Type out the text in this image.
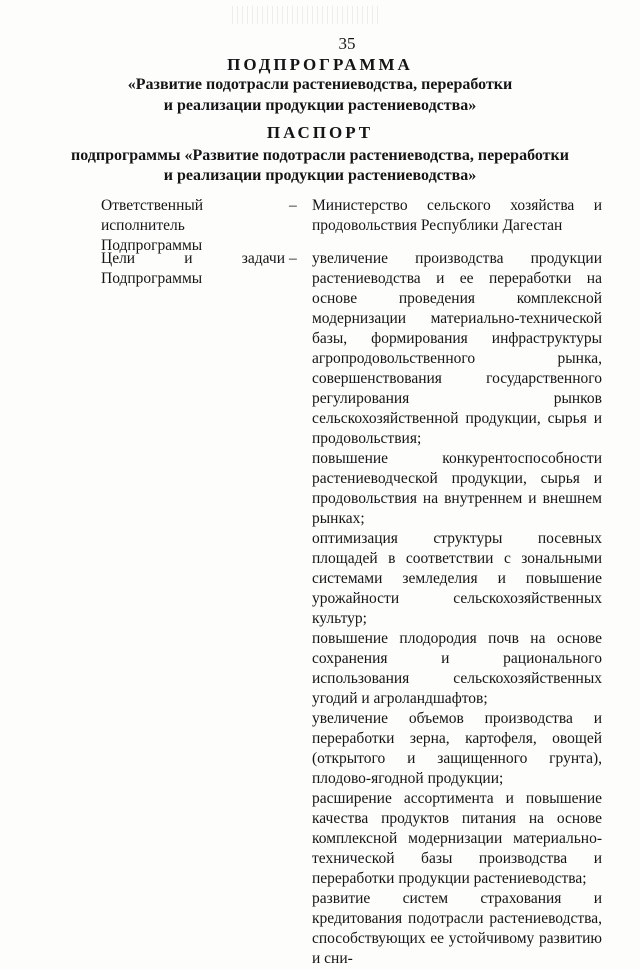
35
ПОДПРОГРАММА
«Развитие подотрасли растениеводства, переработки
и реализации продукции растениеводства»
ПАСПОРТ
подпрограммы «Развитие подотрасли растениеводства, переработки
и реализации продукции растениеводства»
Ответственный исполнитель Подпрограммы
– Министерство сельского хозяйства и продовольствия Республики Дагестан

Цели и задачи Подпрограммы
– увеличение производства продукции растениеводства и ее переработки на основе проведения комплексной модернизации материально-технической базы, формирования инфраструктуры агропродовольственного рынка, совершенствования государственного регулирования рынков сельскохозяйственной продукции, сырья и продовольствия;

повышение конкурентоспособности растениеводческой продукции, сырья и продовольствия на внутреннем и внешнем рынках;

оптимизация структуры посевных площадей в соответствии с зональными системами земледелия и повышение урожайности сельскохозяйственных культур;

повышение плодородия почв на основе сохранения и рационального использования сельскохозяйственных угодий и агроландшафтов;

увеличение объемов производства и переработки зерна, картофеля, овощей (открытого и защищенного грунта), плодово-ягодной продукции;

расширение ассортимента и повышение качества продуктов питания на основе комплексной модернизации материально-технической базы производства и переработки продукции растениеводства;

развитие систем страхования и кредитования подотрасли растениеводства, способствующих ее устойчивому развитию и сни-
